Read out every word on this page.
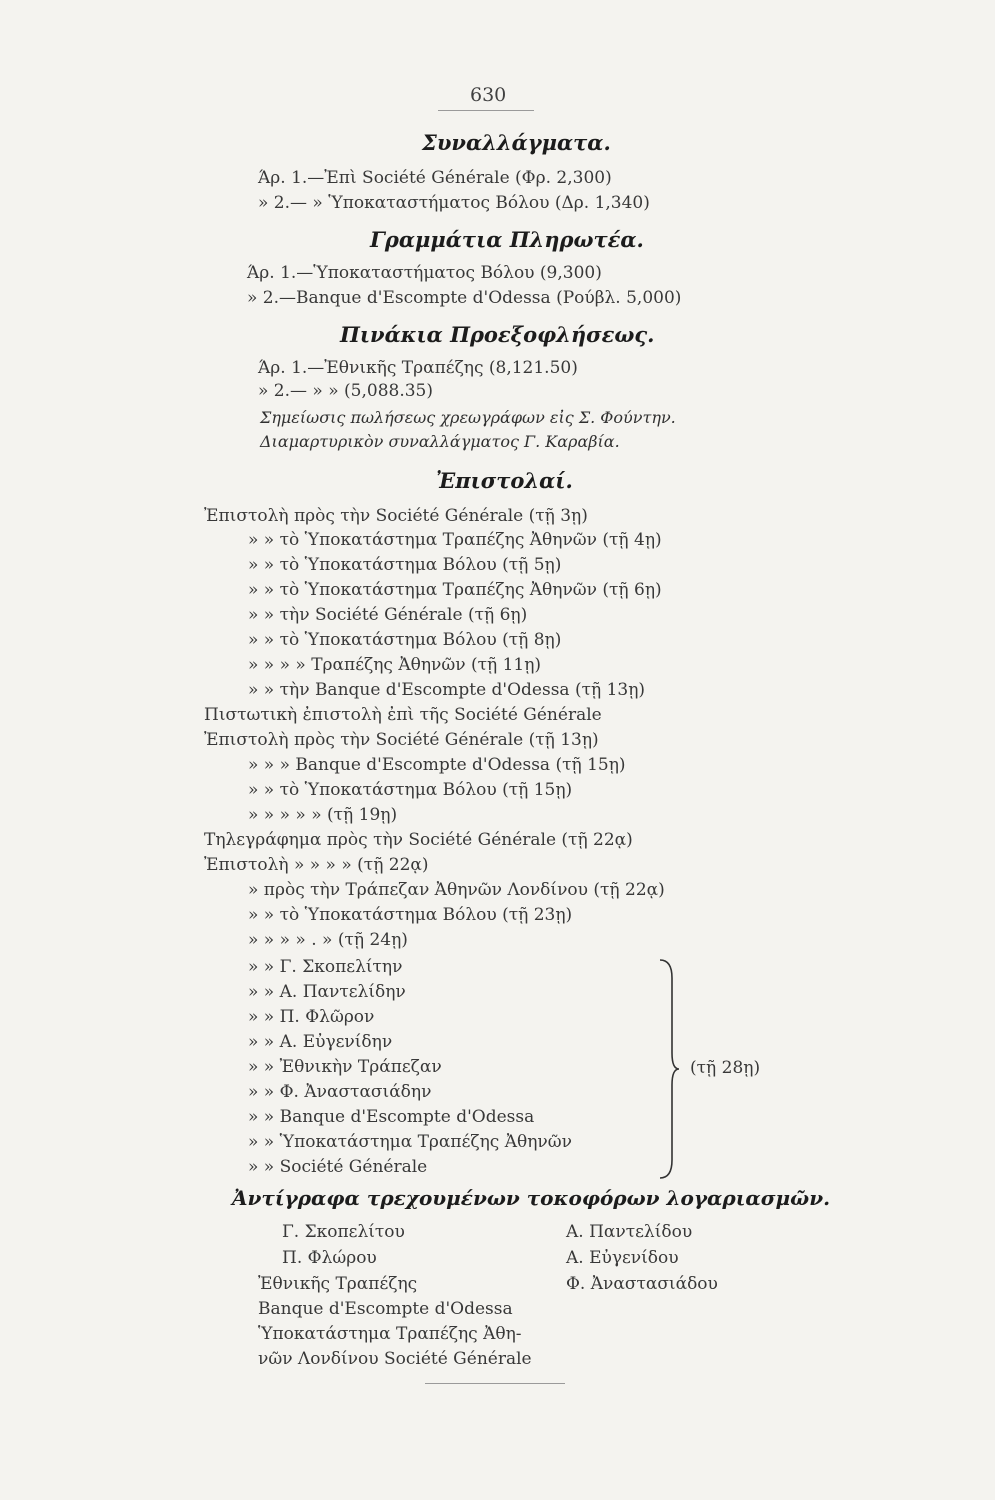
630
Συναλλάγματα.
Άρ. 1.—Ἐπὶ Société Générale (Φρ. 2,300)
» 2.— » Ὑποκαταστήματος Βόλου (Δρ. 1,340)
Γραμμάτια Πληρωτέα.
Άρ. 1.—Ὑποκαταστήματος Βόλου (9,300)
» 2.—Banque d'Escompte d'Odessa (Ρούβλ. 5,000)
Πινάκια Προεξοφλήσεως.
Άρ. 1.—Ἐθνικῆς Τραπέζης (8,121.50)
» 2.— » » (5,088.35)
Σημείωσις πωλήσεως χρεωγράφων εἰς Σ. Φούντην.
Διαμαρτυρικὸν συναλλάγματος Γ. Καραβία.
Ἐπιστολαί.
Ἐπιστολὴ πρὸς τὴν Société Générale (τῇ 3ῃ)
» » τὸ Ὑποκατάστημα Τραπέζης Ἀθηνῶν (τῇ 4ῃ)
» » τὸ Ὑποκατάστημα Βόλου (τῇ 5ῃ)
» » τὸ Ὑποκατάστημα Τραπέζης Ἀθηνῶν (τῇ 6ῃ)
» » τὴν Société Générale (τῇ 6ῃ)
» » τὸ Ὑποκατάστημα Βόλου (τῇ 8ῃ)
» » » » Τραπέζης Ἀθηνῶν (τῇ 11ῃ)
» » τὴν Banque d'Escompte d'Odessa (τῇ 13ῃ)
Πιστωτικὴ ἐπιστολὴ ἐπὶ τῆς Société Générale
Ἐπιστολὴ πρὸς τὴν Société Générale (τῇ 13ῃ)
» » » Banque d'Escompte d'Odessa (τῇ 15ῃ)
» » τὸ Ὑποκατάστημα Βόλου (τῇ 15ῃ)
» » » » » (τῇ 19ῃ)
Τηλεγράφημα πρὸς τὴν Société Générale (τῇ 22ᾳ)
Ἐπιστολὴ » » » » (τῇ 22ᾳ)
» πρὸς τὴν Τράπεζαν Ἀθηνῶν Λονδίνου (τῇ 22ᾳ)
» » τὸ Ὑποκατάστημα Βόλου (τῇ 23ῃ)
» » » » . » (τῇ 24ῃ)
» » Γ. Σκοπελίτην
» » Α. Παντελίδην
» » Π. Φλῶρον
» » Α. Εὐγενίδην
» » Ἐθνικὴν Τράπεζαν
» » Φ. Ἀναστασιάδην
» » Banque d'Escompte d'Odessa
» » Ὑποκατάστημα Τραπέζης Ἀθηνῶν
» » Société Générale
(τῇ 28ῃ)
Ἀντίγραφα τρεχουμένων τοκοφόρων λογαριασμῶν.
Γ. Σκοπελίτου
Π. Φλώρου
Ἐθνικῆς Τραπέζης
Banque d'Escompte d'Odessa
Ὑποκατάστημα Τραπέζης Ἀθη-
νῶν Λονδίνου Société Générale
Α. Παντελίδου
Α. Εὐγενίδου
Φ. Ἀναστασιάδου
